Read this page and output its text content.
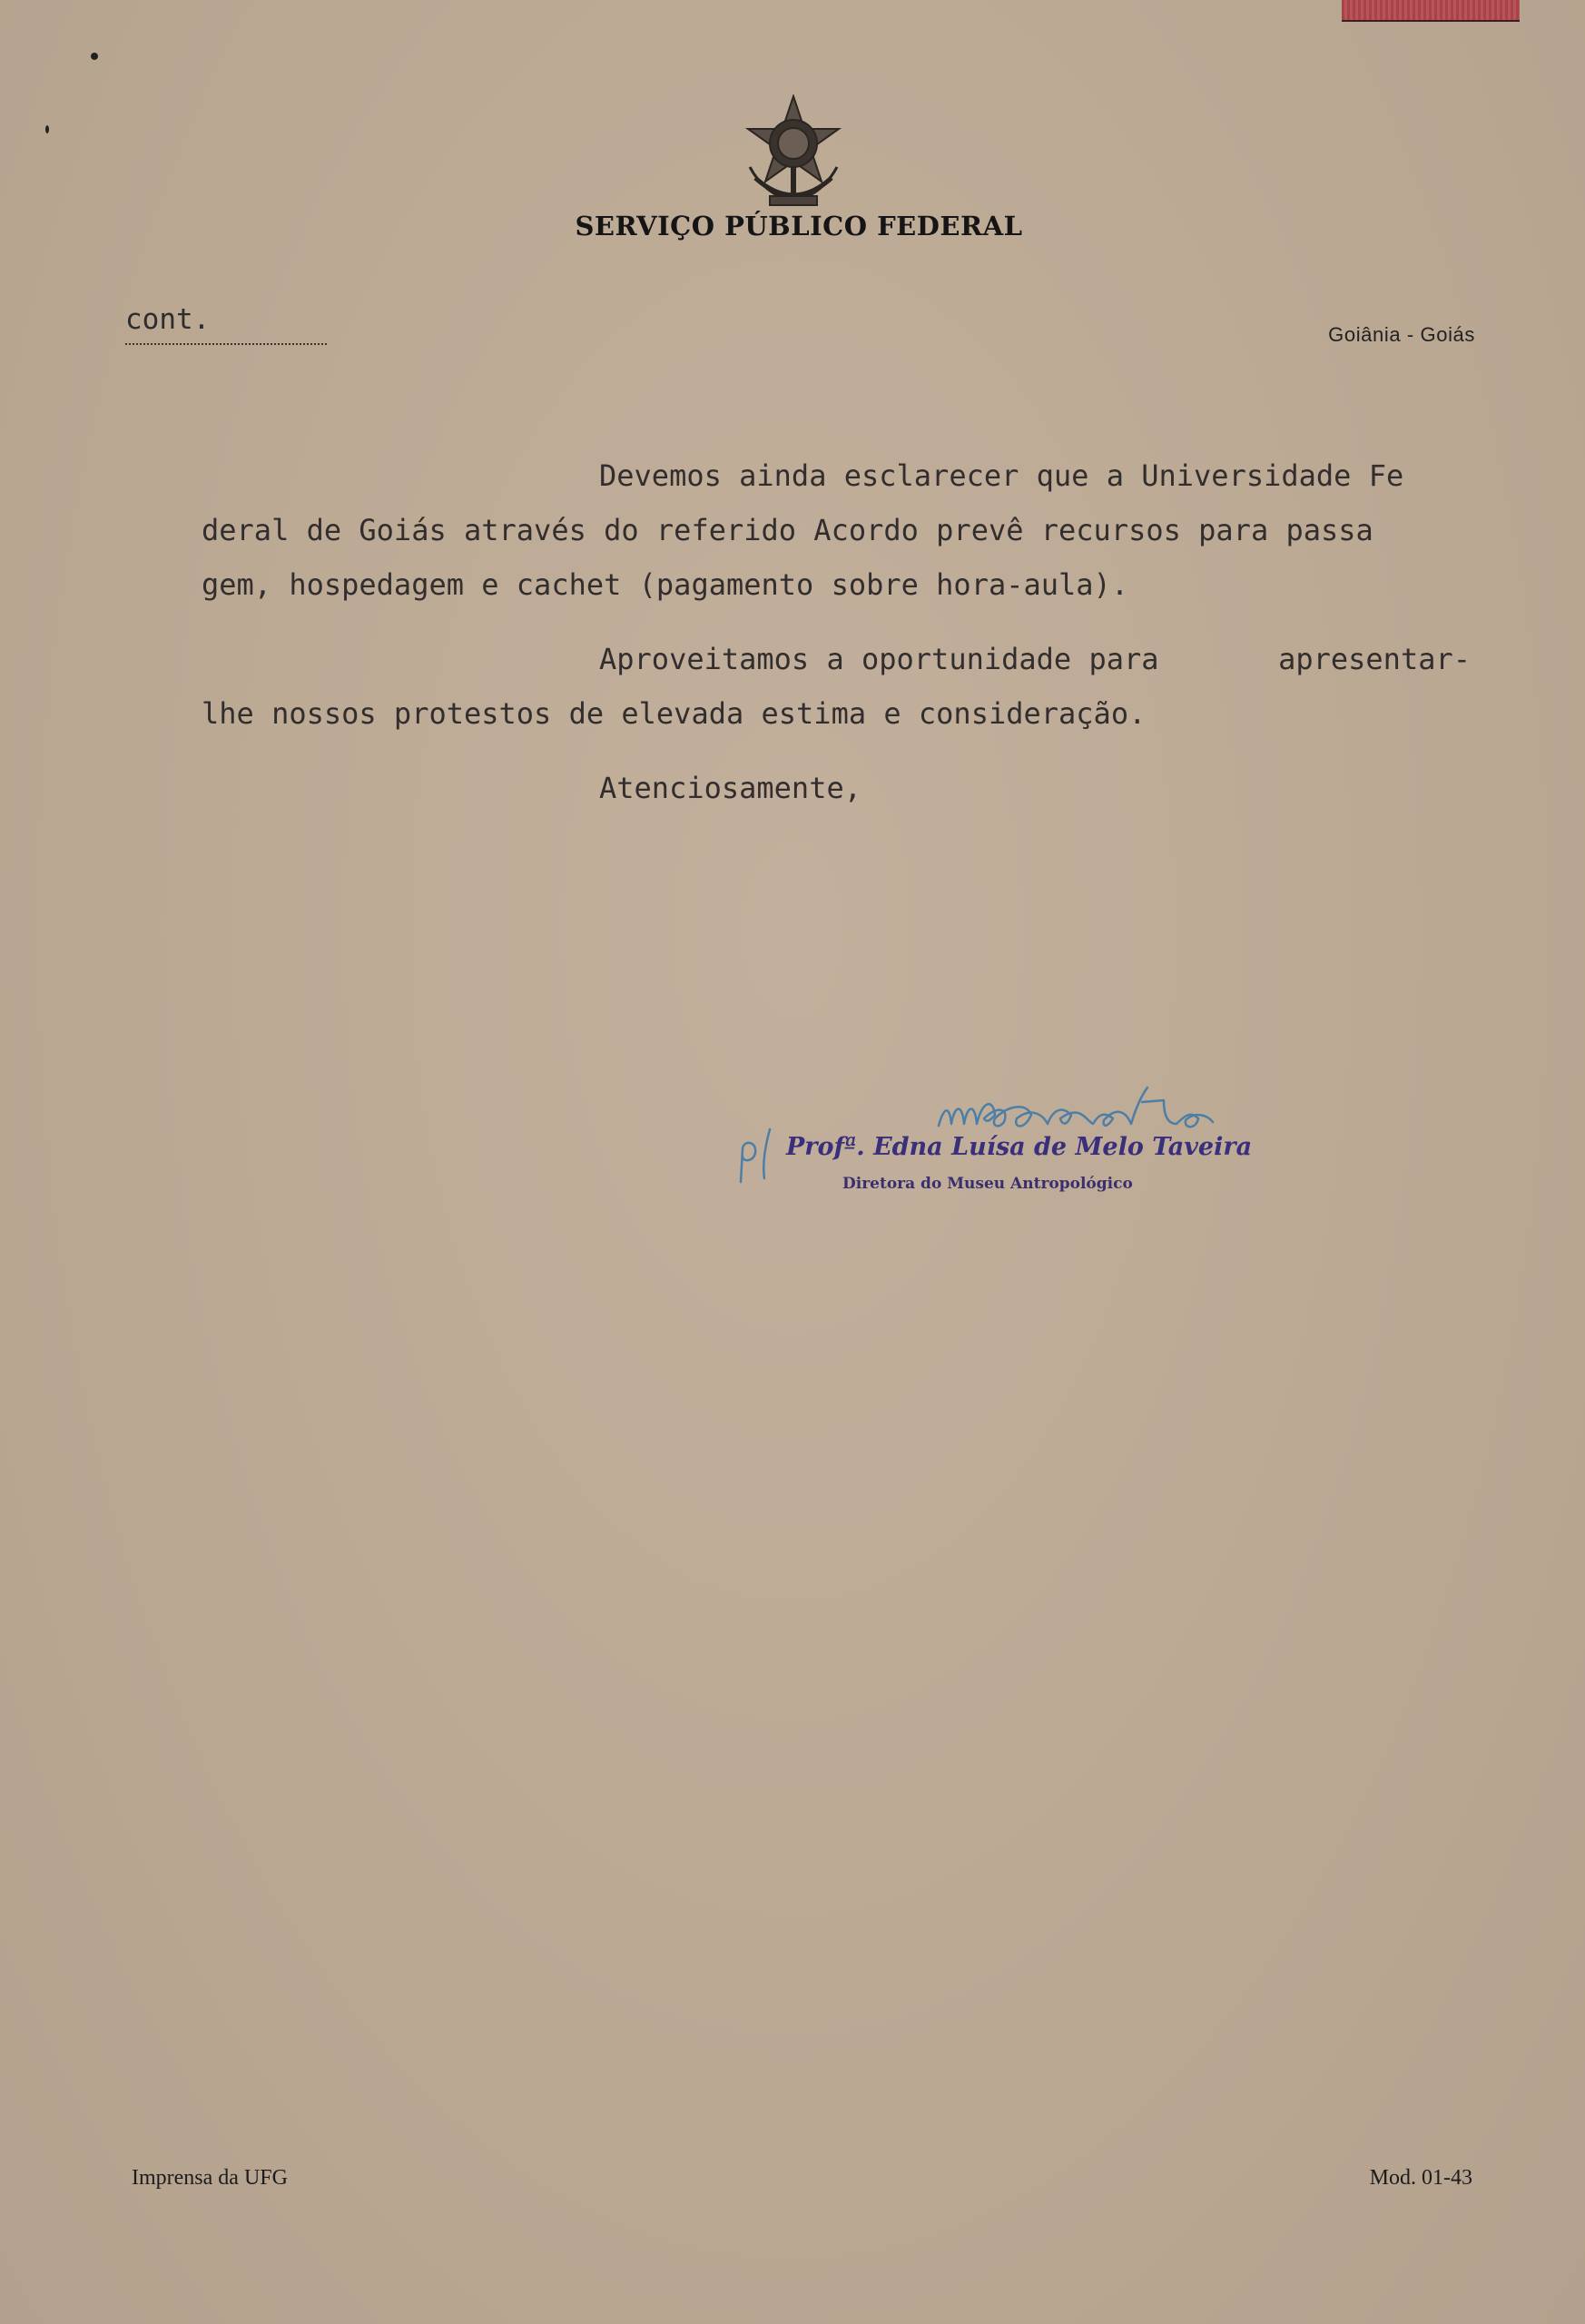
SERVIÇO PÚBLICO FEDERAL
cont.	Goiânia - Goiás
Devemos ainda esclarecer que a Universidade Fe
deral de Goiás através do referido Acordo prevê recursos para passa
gem, hospedagem e cachet (pagamento sobre hora-aula).
Aproveitamos a oportunidade para	apresentar-
lhe nossos protestos de elevada estima e consideração.
Atenciosamente,
Profª. Edna Luísa de Melo Taveira
Diretora do Museu Antropológico
Imprensa da UFG	Mod. 01-43
